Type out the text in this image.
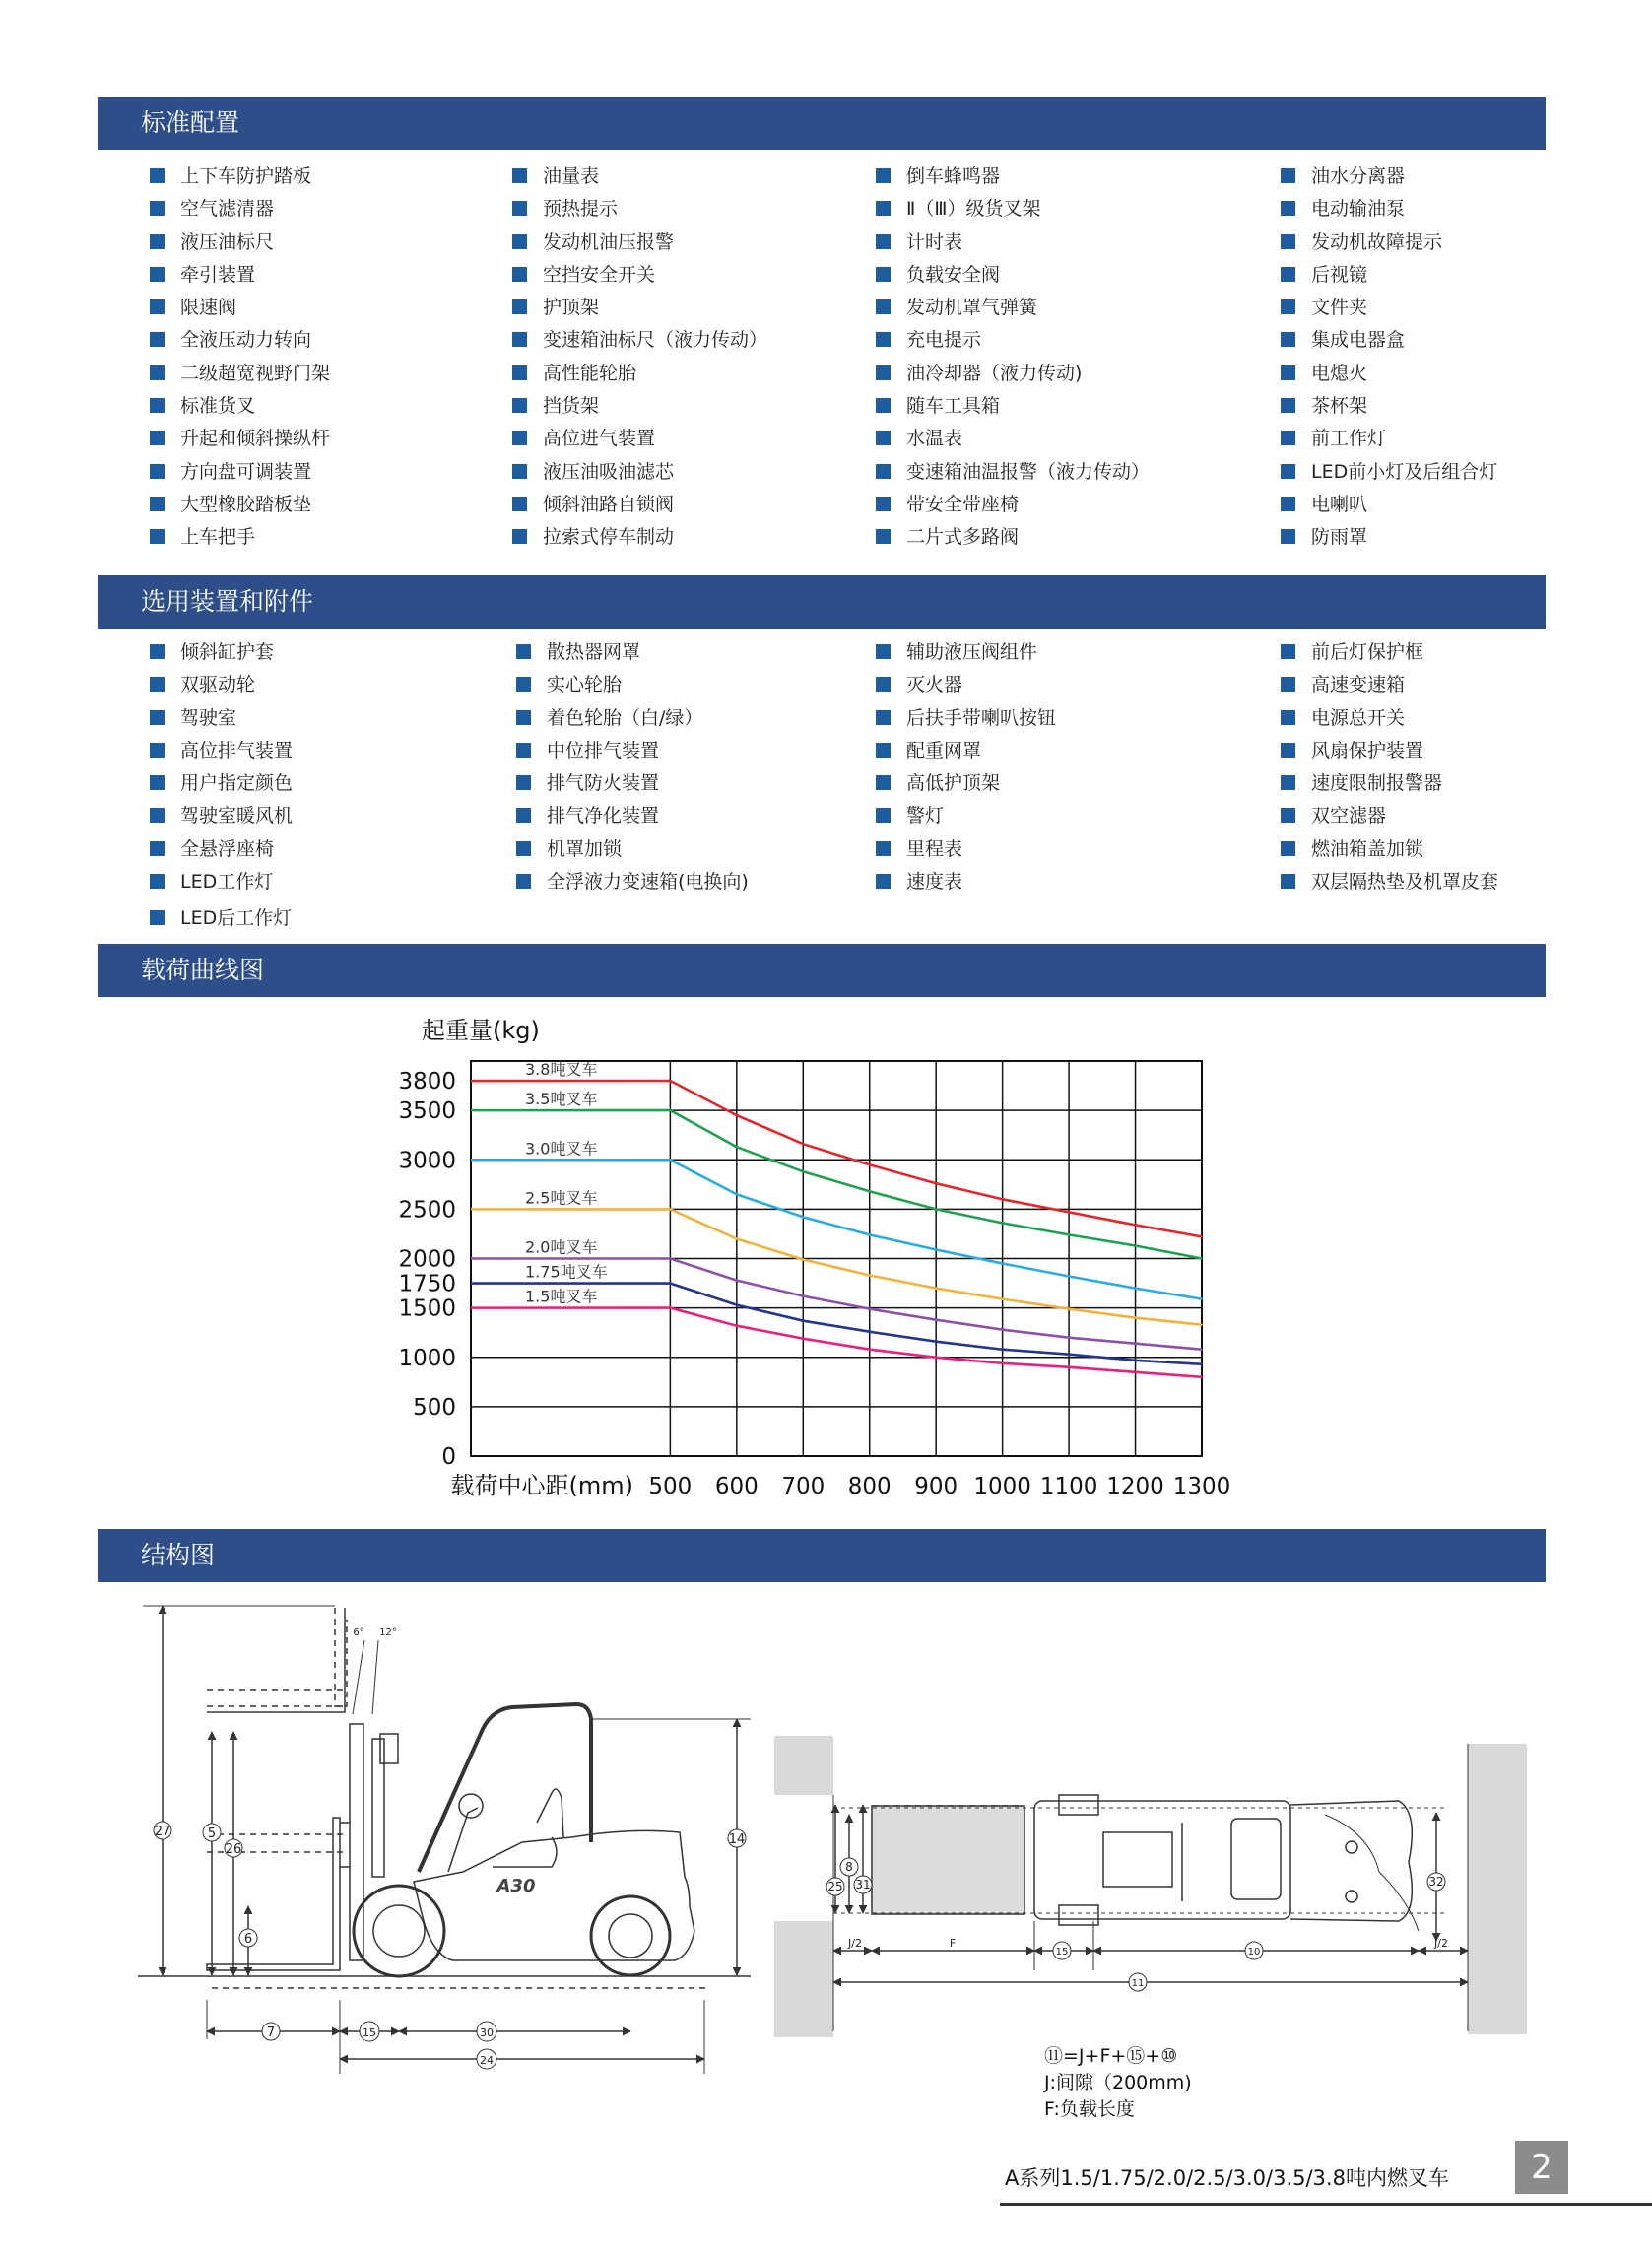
标准配置
选用装置和附件
载荷曲线图
结构图
上下车防护踏板
空气滤清器
液压油标尺
牵引装置
限速阀
全液压动力转向
二级超宽视野门架
标准货叉
升起和倾斜操纵杆
方向盘可调装置
大型橡胶踏板垫
上车把手
油量表
预热提示
发动机油压报警
空挡安全开关
护顶架
变速箱油标尺（液力传动）
高性能轮胎
挡货架
高位进气装置
液压油吸油滤芯
倾斜油路自锁阀
拉索式停车制动
倒车蜂鸣器
Ⅱ（Ⅲ）级货叉架
计时表
负载安全阀
发动机罩气弹簧
充电提示
油冷却器（液力传动)
随车工具箱
水温表
变速箱油温报警（液力传动）
带安全带座椅
二片式多路阀
油水分离器
电动输油泵
发动机故障提示
后视镜
文件夹
集成电器盒
电熄火
茶杯架
前工作灯
LED前小灯及后组合灯
电喇叭
防雨罩
倾斜缸护套
双驱动轮
驾驶室
高位排气装置
用户指定颜色
驾驶室暖风机
全悬浮座椅
LED工作灯
LED后工作灯
散热器网罩
实心轮胎
着色轮胎（白/绿）
中位排气装置
排气防火装置
排气净化装置
机罩加锁
全浮液力变速箱(电换向)
辅助液压阀组件
灭火器
后扶手带喇叭按钮
配重网罩
高低护顶架
警灯
里程表
速度表
前后灯保护框
高速变速箱
电源总开关
风扇保护装置
速度限制报警器
双空滤器
燃油箱盖加锁
双层隔热垫及机罩皮套
起重量(kg)
载荷中心距(mm)
0
500
1000
1500
1750
2000
2500
3000
3500
3800
500 600 700 800 900 1000 1100 1200 1300
3.8吨叉车
3.5吨叉车
3.0吨叉车
2.5吨叉车
2.0吨叉车
1.75吨叉车
1.5吨叉车
27	5
26
6
14
7	15	30
24
6° 12°
A30
8
25 31	32
J/2	F
15	10
J/2
11
⑪=J+F+⑮+⑩
J:间隙（200mm)
F:负载长度
A系列1.5/1.75/2.0/2.5/3.0/3.5/3.8吨内燃叉车	2
